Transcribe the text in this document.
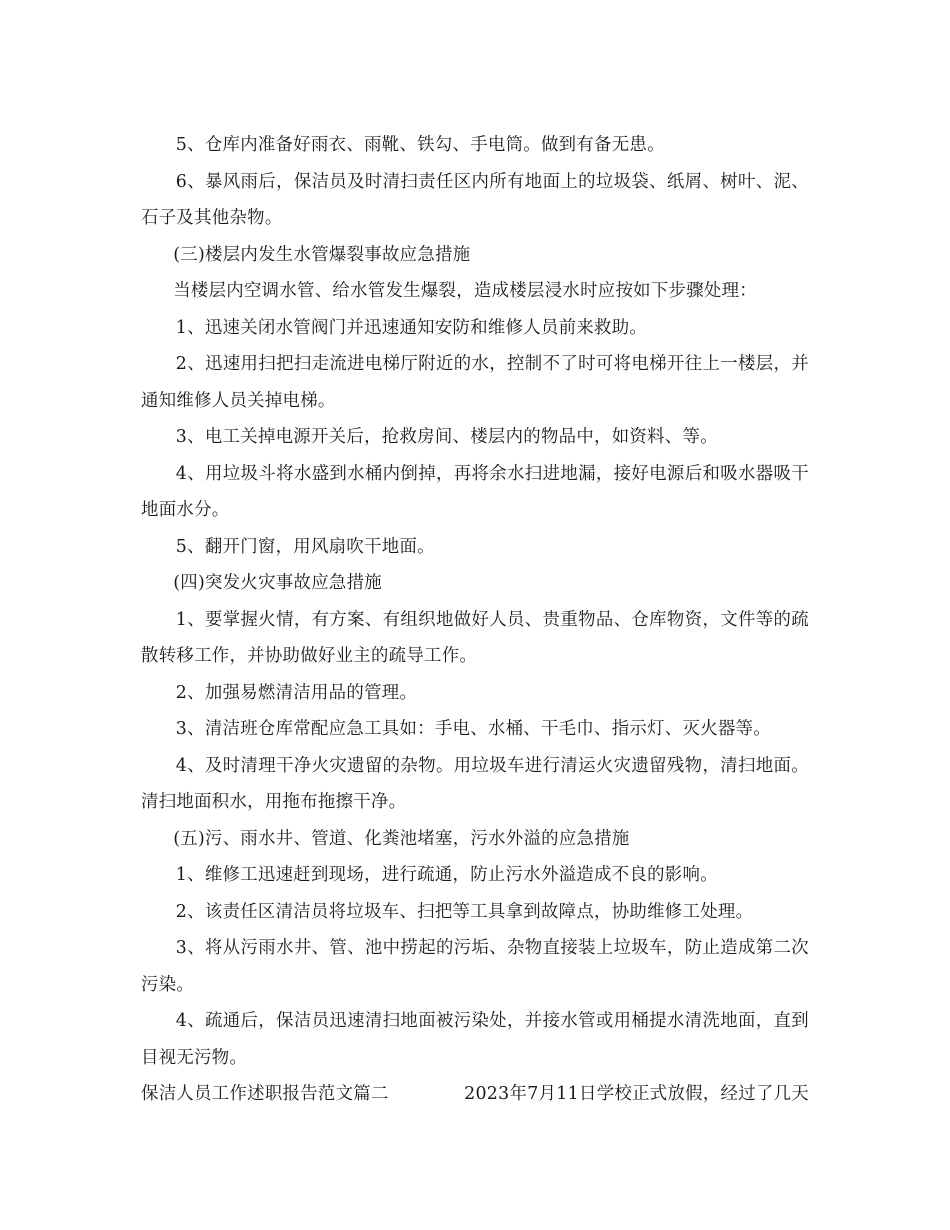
5、仓库内准备好雨衣、雨靴、铁勾、手电筒。做到有备无患。

6、暴风雨后，保洁员及时清扫责任区内所有地面上的垃圾袋、纸屑、树叶、泥、石子及其他杂物。

(三)楼层内发生水管爆裂事故应急措施

当楼层内空调水管、给水管发生爆裂，造成楼层浸水时应按如下步骤处理：

1、迅速关闭水管阀门并迅速通知安防和维修人员前来救助。

2、迅速用扫把扫走流进电梯厅附近的水，控制不了时可将电梯开往上一楼层，并通知维修人员关掉电梯。

3、电工关掉电源开关后，抢救房间、楼层内的物品中，如资料、等。

4、用垃圾斗将水盛到水桶内倒掉，再将余水扫进地漏，接好电源后和吸水器吸干地面水分。

5、翻开门窗，用风扇吹干地面。

(四)突发火灾事故应急措施

1、要掌握火情，有方案、有组织地做好人员、贵重物品、仓库物资，文件等的疏散转移工作，并协助做好业主的疏导工作。

2、加强易燃清洁用品的管理。

3、清洁班仓库常配应急工具如：手电、水桶、干毛巾、指示灯、灭火器等。

4、及时清理干净火灾遗留的杂物。用垃圾车进行清运火灾遗留残物，清扫地面。清扫地面积水，用拖布拖擦干净。

(五)污、雨水井、管道、化粪池堵塞，污水外溢的应急措施

1、维修工迅速赶到现场，进行疏通，防止污水外溢造成不良的影响。

2、该责任区清洁员将垃圾车、扫把等工具拿到故障点，协助维修工处理。

3、将从污雨水井、管、池中捞起的污垢、杂物直接装上垃圾车，防止造成第二次污染。

4、疏通后，保洁员迅速清扫地面被污染处，并接水管或用桶提水清洗地面，直到目视无污物。

保洁人员工作述职报告范文篇二	2023年7月11日学校正式放假，经过了几天
